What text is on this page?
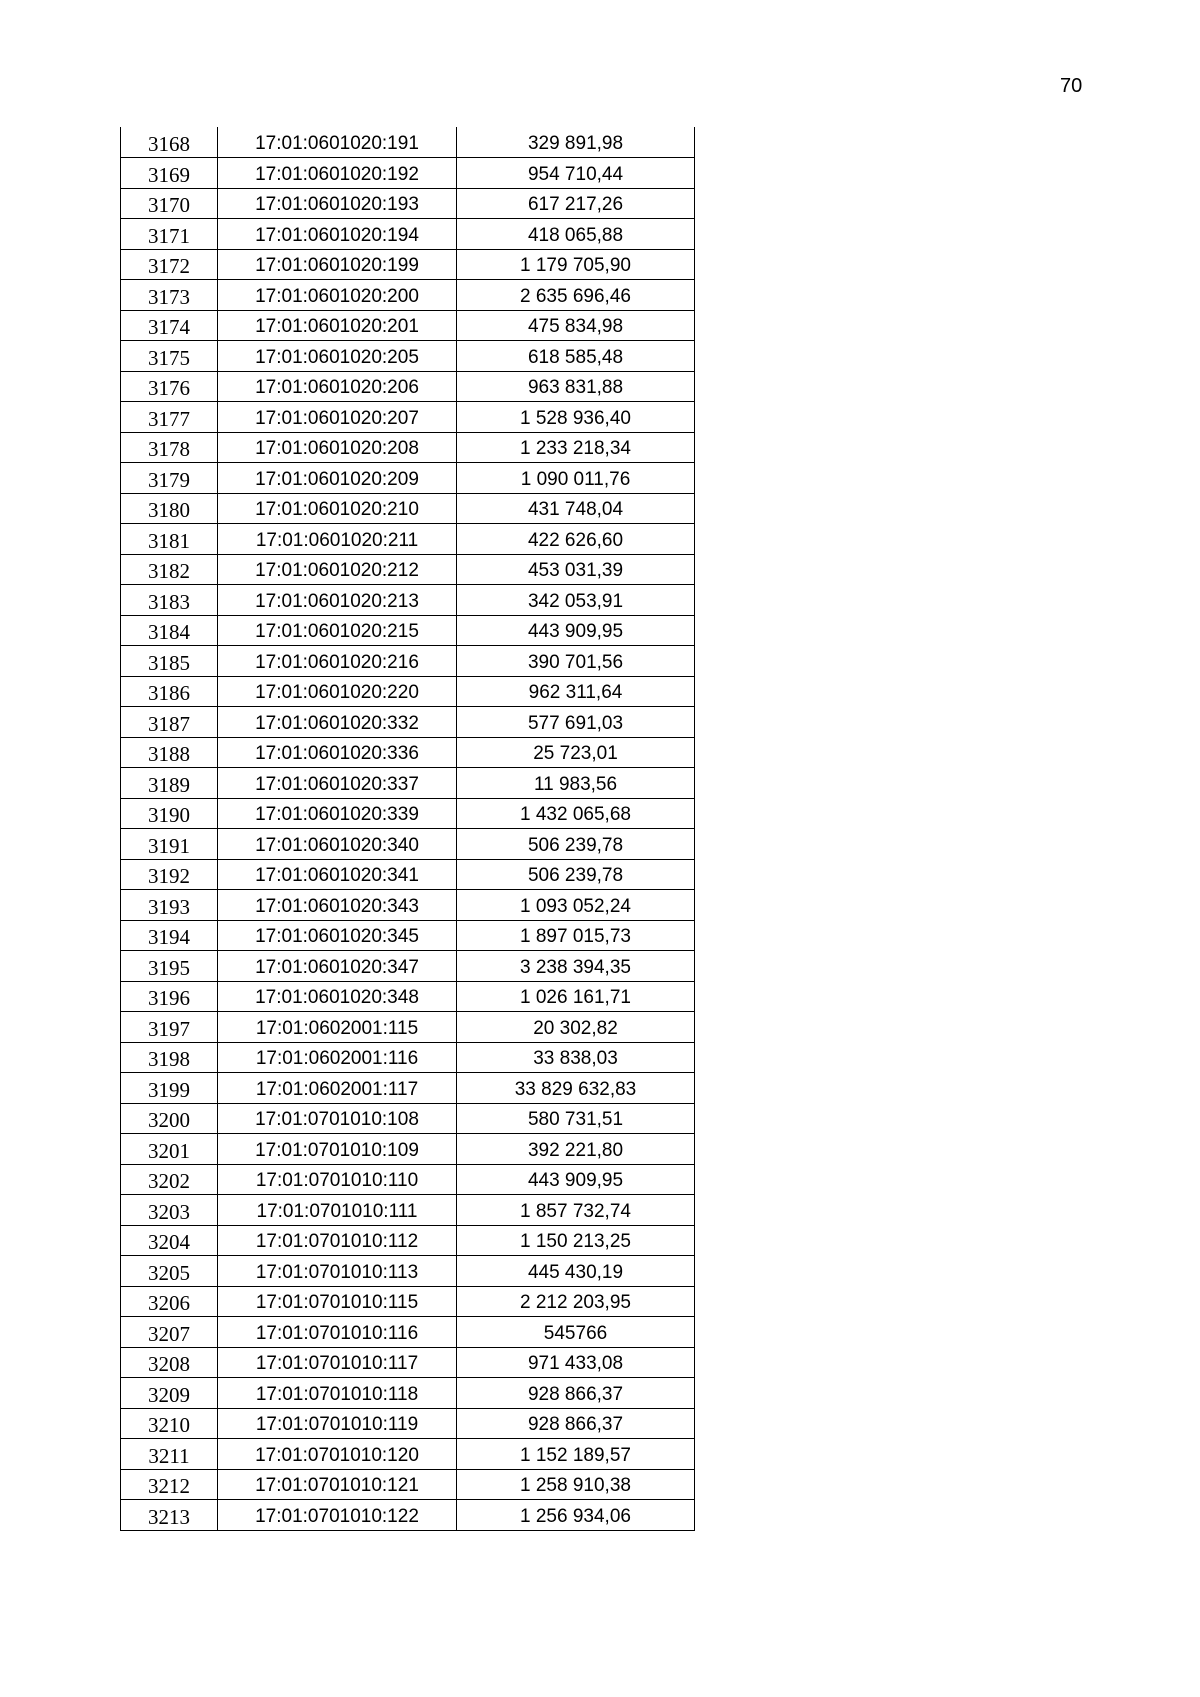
70
3168	17:01:0601020:191	329 891,98
3169	17:01:0601020:192	954 710,44
3170	17:01:0601020:193	617 217,26
3171	17:01:0601020:194	418 065,88
3172	17:01:0601020:199	1 179 705,90
3173	17:01:0601020:200	2 635 696,46
3174	17:01:0601020:201	475 834,98
3175	17:01:0601020:205	618 585,48
3176	17:01:0601020:206	963 831,88
3177	17:01:0601020:207	1 528 936,40
3178	17:01:0601020:208	1 233 218,34
3179	17:01:0601020:209	1 090 011,76
3180	17:01:0601020:210	431 748,04
3181	17:01:0601020:211	422 626,60
3182	17:01:0601020:212	453 031,39
3183	17:01:0601020:213	342 053,91
3184	17:01:0601020:215	443 909,95
3185	17:01:0601020:216	390 701,56
3186	17:01:0601020:220	962 311,64
3187	17:01:0601020:332	577 691,03
3188	17:01:0601020:336	25 723,01
3189	17:01:0601020:337	11 983,56
3190	17:01:0601020:339	1 432 065,68
3191	17:01:0601020:340	506 239,78
3192	17:01:0601020:341	506 239,78
3193	17:01:0601020:343	1 093 052,24
3194	17:01:0601020:345	1 897 015,73
3195	17:01:0601020:347	3 238 394,35
3196	17:01:0601020:348	1 026 161,71
3197	17:01:0602001:115	20 302,82
3198	17:01:0602001:116	33 838,03
3199	17:01:0602001:117	33 829 632,83
3200	17:01:0701010:108	580 731,51
3201	17:01:0701010:109	392 221,80
3202	17:01:0701010:110	443 909,95
3203	17:01:0701010:111	1 857 732,74
3204	17:01:0701010:112	1 150 213,25
3205	17:01:0701010:113	445 430,19
3206	17:01:0701010:115	2 212 203,95
3207	17:01:0701010:116	545766
3208	17:01:0701010:117	971 433,08
3209	17:01:0701010:118	928 866,37
3210	17:01:0701010:119	928 866,37
3211	17:01:0701010:120	1 152 189,57
3212	17:01:0701010:121	1 258 910,38
3213	17:01:0701010:122	1 256 934,06
